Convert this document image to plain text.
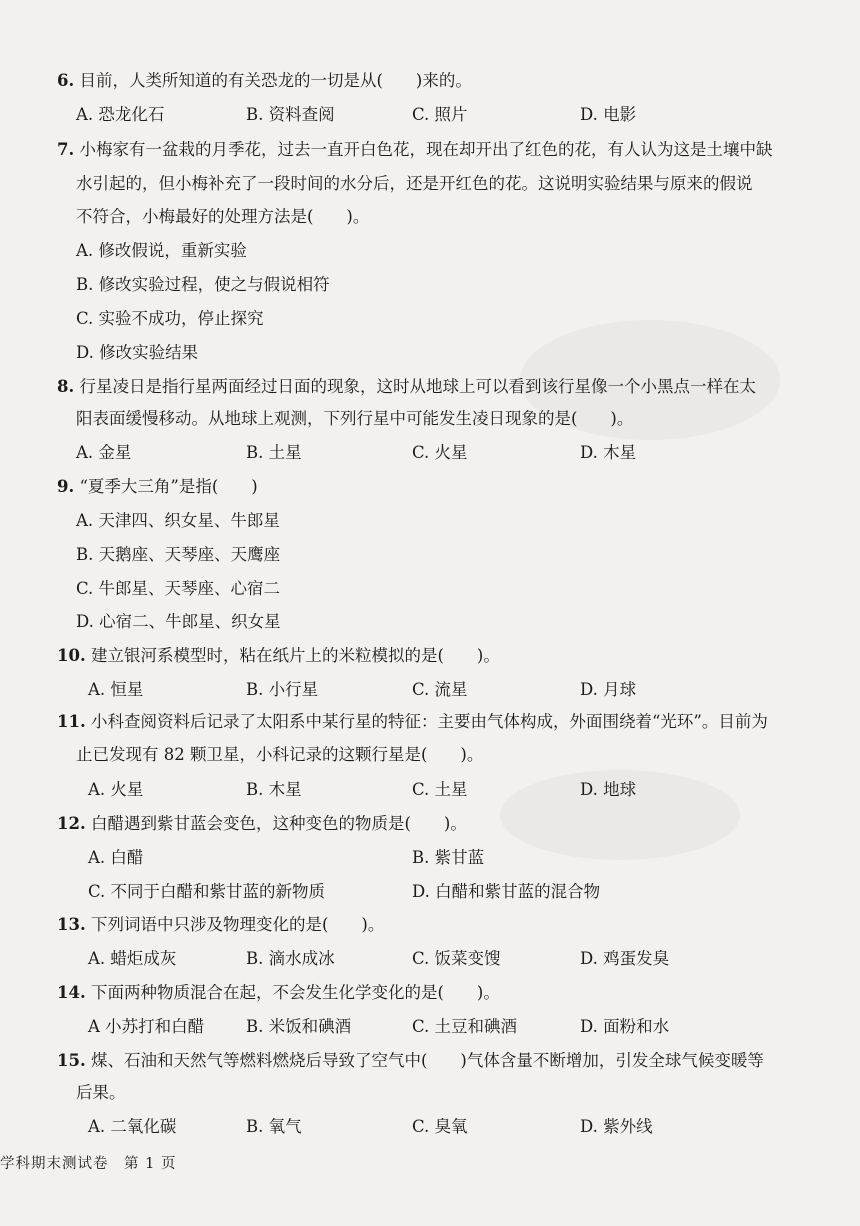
6. 目前，人类所知道的有关恐龙的一切是从(　　)来的。
A. 恐龙化石	B. 资料查阅	C. 照片	D. 电影
7. 小梅家有一盆栽的月季花，过去一直开白色花，现在却开出了红色的花，有人认为这是土壤中缺
水引起的，但小梅补充了一段时间的水分后，还是开红色的花。这说明实验结果与原来的假说
不符合，小梅最好的处理方法是(　　)。
A. 修改假说，重新实验
B. 修改实验过程，使之与假说相符
C. 实验不成功，停止探究
D. 修改实验结果
8. 行星凌日是指行星两面经过日面的现象，这时从地球上可以看到该行星像一个小黑点一样在太
阳表面缓慢移动。从地球上观测，下列行星中可能发生凌日现象的是(　　)。
A. 金星	B. 土星	C. 火星	D. 木星
9. “夏季大三角”是指(　　)
A. 天津四、织女星、牛郎星
B. 天鹅座、天琴座、天鹰座
C. 牛郎星、天琴座、心宿二
D. 心宿二、牛郎星、织女星
10. 建立银河系模型时，粘在纸片上的米粒模拟的是(　　)。
A. 恒星	B. 小行星	C. 流星	D. 月球
11. 小科查阅资料后记录了太阳系中某行星的特征：主要由气体构成，外面围绕着“光环”。目前为
止已发现有 82 颗卫星，小科记录的这颗行星是(　　)。
A. 火星	B. 木星	C. 土星	D. 地球
12. 白醋遇到紫甘蓝会变色，这种变色的物质是(　　)。
A. 白醋	B. 紫甘蓝
C. 不同于白醋和紫甘蓝的新物质	D. 白醋和紫甘蓝的混合物
13. 下列词语中只涉及物理变化的是(　　)。
A. 蜡炬成灰	B. 滴水成冰	C. 饭菜变馊	D. 鸡蛋发臭
14. 下面两种物质混合在起，不会发生化学变化的是(　　)。
A 小苏打和白醋	B. 米饭和碘酒	C. 土豆和碘酒	D. 面粉和水
15. 煤、石油和天然气等燃料燃烧后导致了空气中(　　)气体含量不断增加，引发全球气候变暖等
后果。
A. 二氧化碳	B. 氧气	C. 臭氧	D. 紫外线
学科期末测试卷　第 1 页
